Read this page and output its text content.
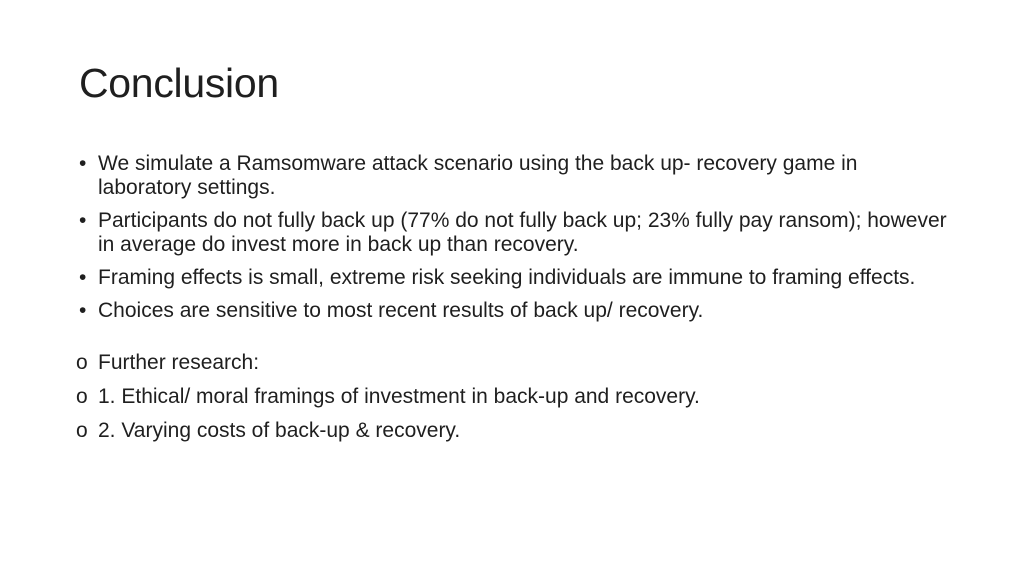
Conclusion
• We simulate a Ramsomware attack scenario using the back up- recovery game in laboratory settings.
• Participants do not fully back up (77% do not fully back up; 23% fully pay ransom); however in average do invest more in back up than recovery.
• Framing effects is small, extreme risk seeking individuals are immune to framing effects.
• Choices are sensitive to most recent results of back up/ recovery.
o Further research:
o 1. Ethical/ moral framings of investment in back-up and recovery.
o 2. Varying costs of back-up & recovery.
